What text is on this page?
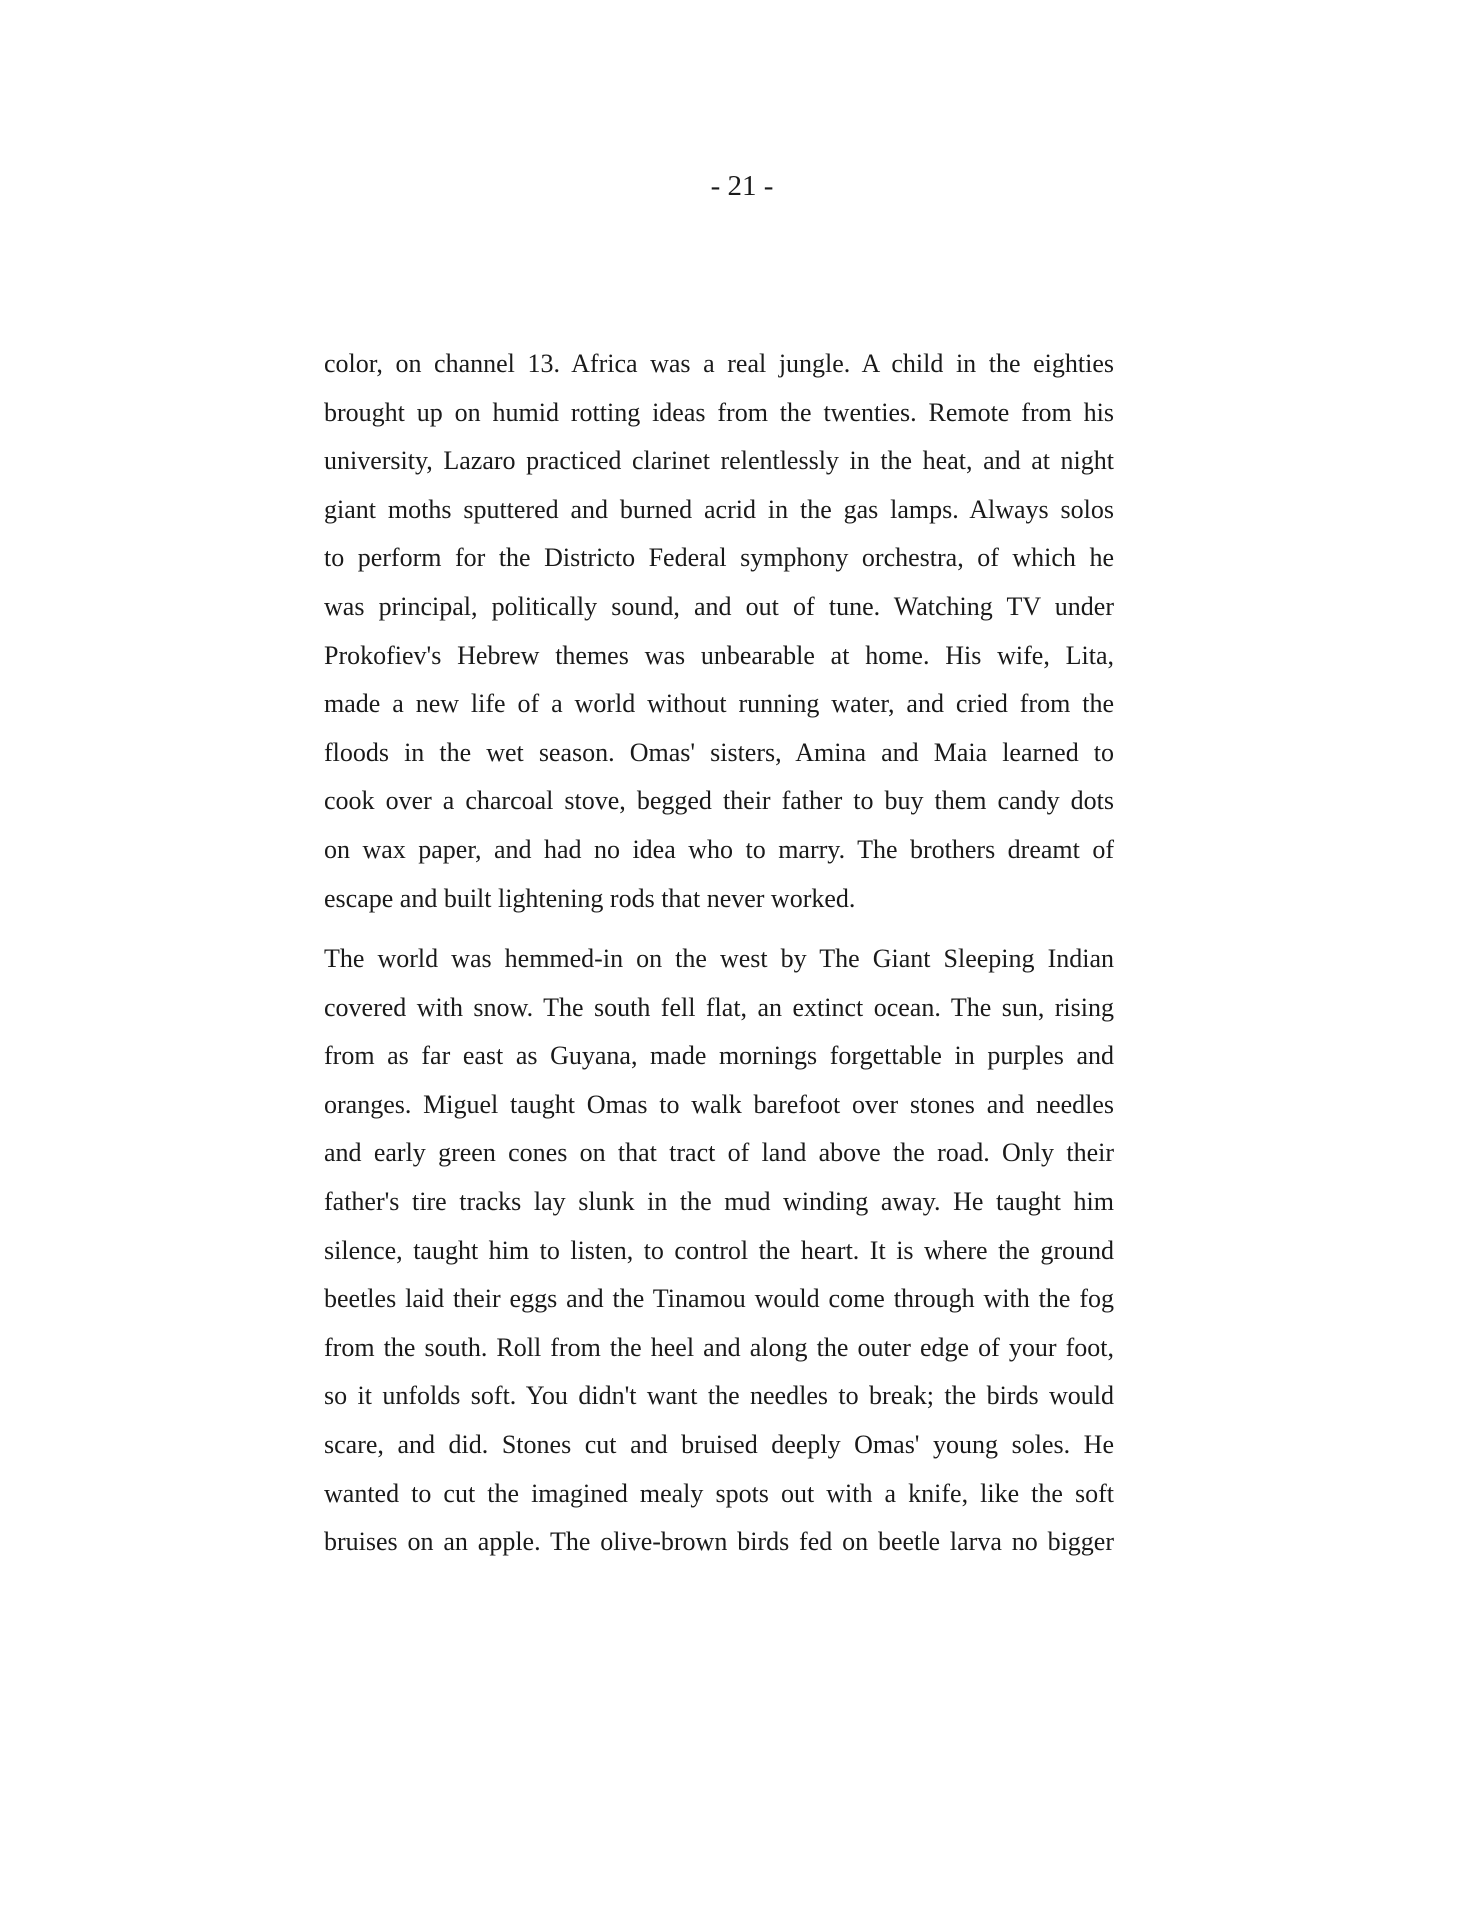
- 21 -
color, on channel 13. Africa was a real jungle. A child in the eighties
brought up on humid rotting ideas from the twenties. Remote from his
university, Lazaro practiced clarinet relentlessly in the heat, and at night
giant moths sputtered and burned acrid in the gas lamps. Always solos
to perform for the Districto Federal symphony orchestra, of which he
was principal, politically sound, and out of tune. Watching TV under
Prokofiev's Hebrew themes was unbearable at home. His wife, Lita,
made a new life of a world without running water, and cried from the
floods in the wet season. Omas' sisters, Amina and Maia learned to
cook over a charcoal stove, begged their father to buy them candy dots
on wax paper, and had no idea who to marry. The brothers dreamt of
escape and built lightening rods that never worked.
The world was hemmed-in on the west by The Giant Sleeping Indian
covered with snow. The south fell flat, an extinct ocean. The sun, rising
from as far east as Guyana, made mornings forgettable in purples and
oranges. Miguel taught Omas to walk barefoot over stones and needles
and early green cones on that tract of land above the road. Only their
father's tire tracks lay slunk in the mud winding away. He taught him
silence, taught him to listen, to control the heart. It is where the ground
beetles laid their eggs and the Tinamou would come through with the fog
from the south. Roll from the heel and along the outer edge of your foot,
so it unfolds soft. You didn't want the needles to break; the birds would
scare, and did. Stones cut and bruised deeply Omas' young soles. He
wanted to cut the imagined mealy spots out with a knife, like the soft
bruises on an apple. The olive-brown birds fed on beetle larva no bigger
